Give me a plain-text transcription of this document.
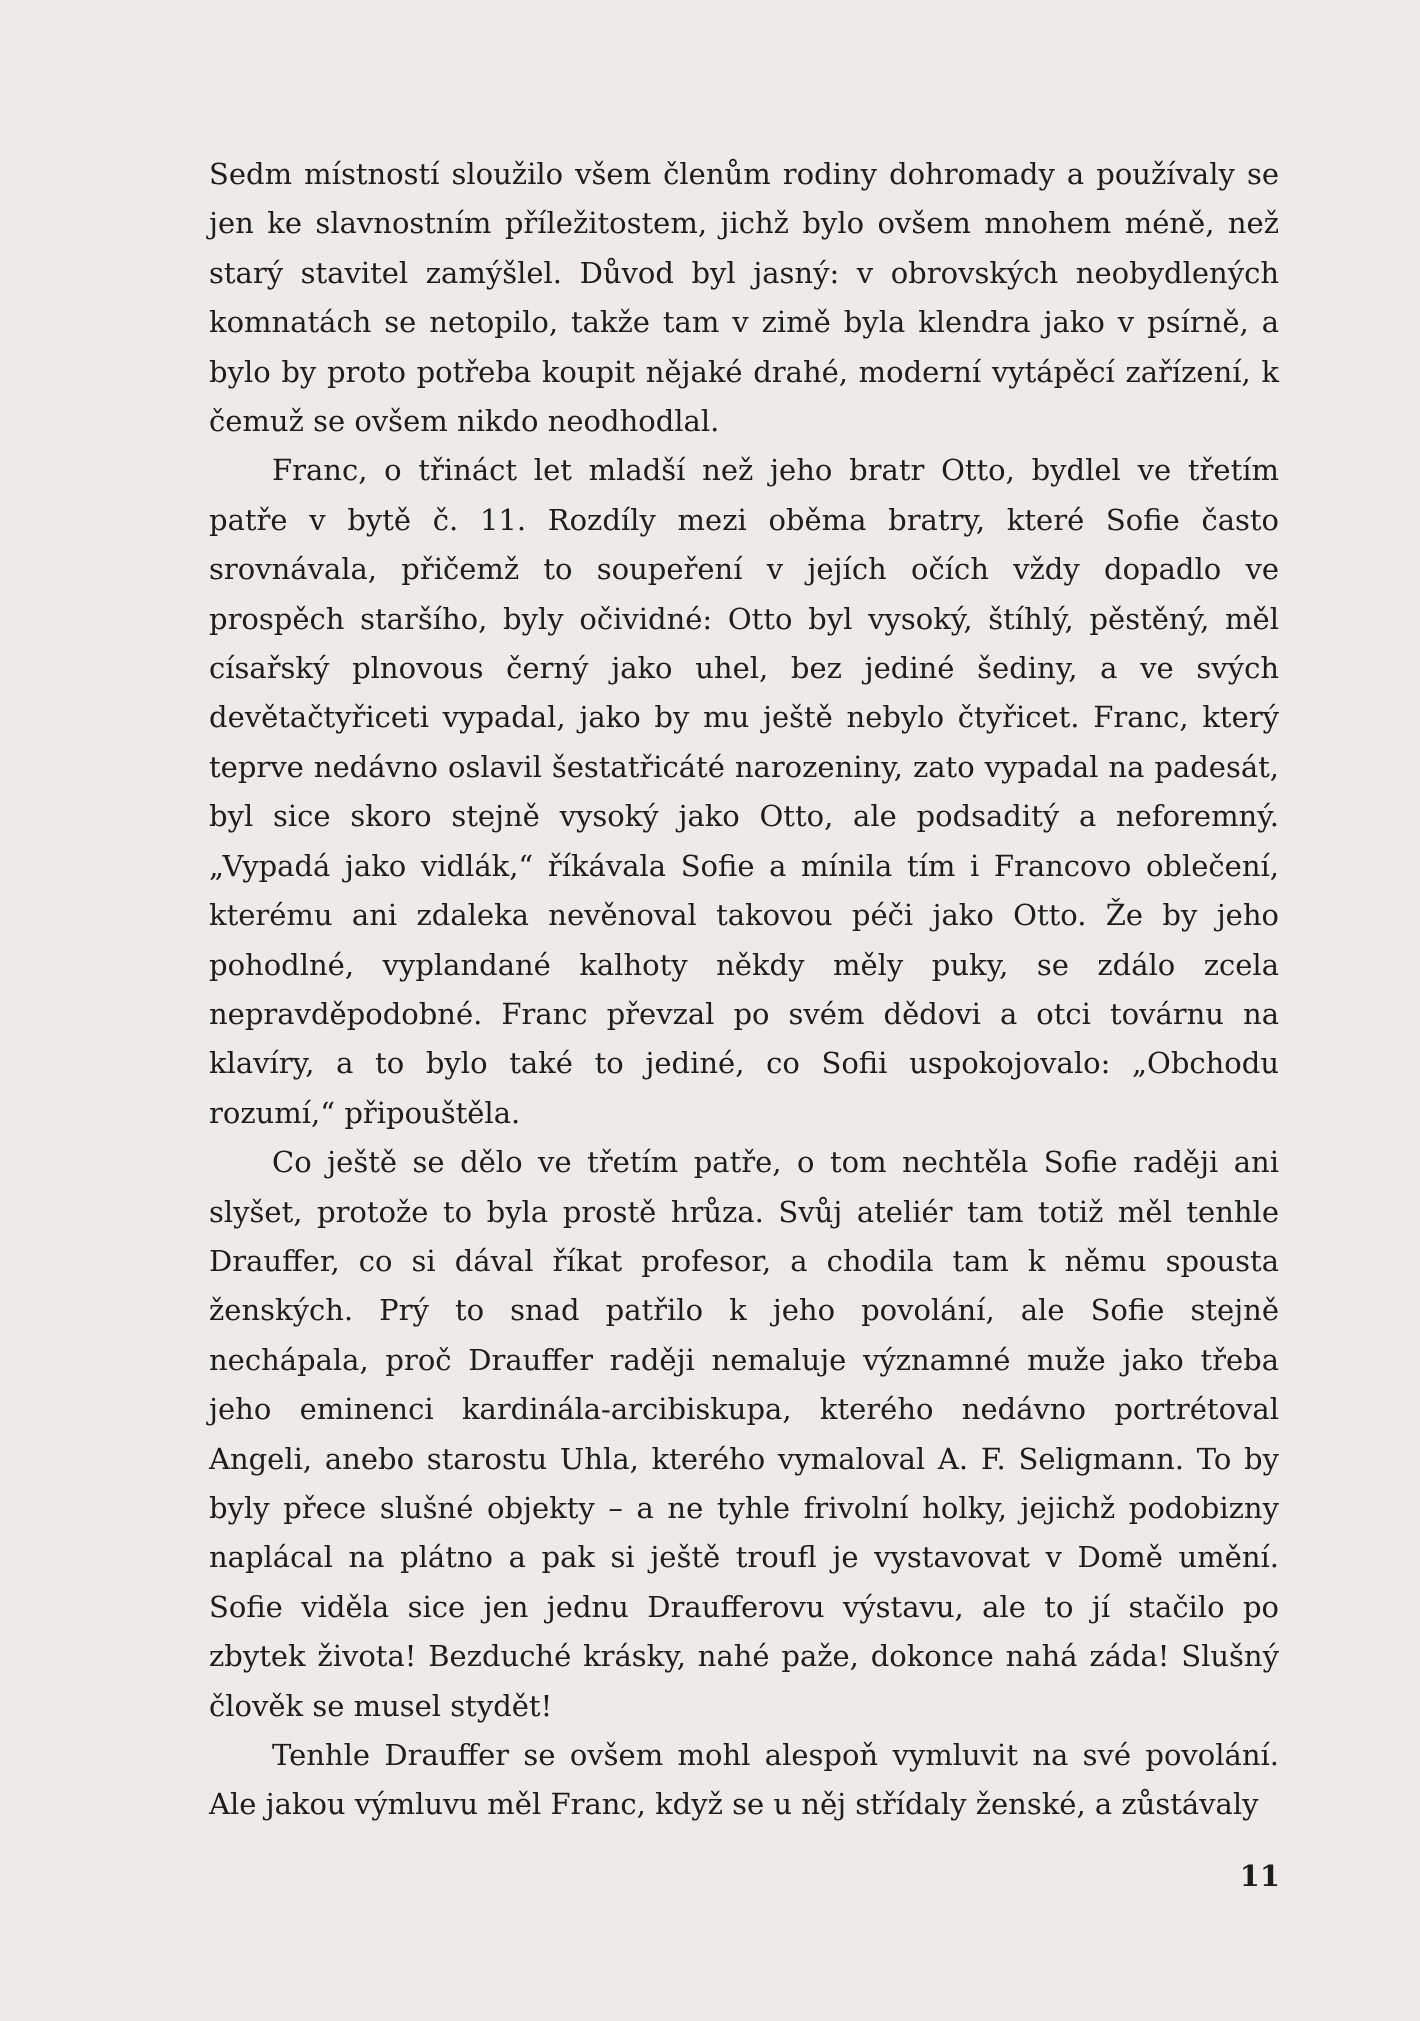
Sedm místností sloužilo všem členům rodiny dohromady a používaly se jen ke slavnostním příležitostem, jichž bylo ovšem mnohem méně, než starý stavitel zamýšlel. Důvod byl jasný: v obrovských neobydlených komnatách se netopilo, takže tam v zimě byla klendra jako v psírně, a bylo by proto potřeba koupit nějaké drahé, moderní vytápěcí zařízení, k čemuž se ovšem nikdo neodhodlal.

Franc, o třináct let mladší než jeho bratr Otto, bydlel ve třetím patře v bytě č. 11. Rozdíly mezi oběma bratry, které Sofie často srovnávala, přičemž to soupeření v jejích očích vždy dopadlo ve prospěch staršího, byly očividné: Otto byl vysoký, štíhlý, pěstěný, měl císařský plnovous černý jako uhel, bez jediné šediny, a ve svých devětačtyřiceti vypadal, jako by mu ještě nebylo čtyřicet. Franc, který teprve nedávno oslavil šestatřicáté narozeniny, zato vypadal na padesát, byl sice skoro stejně vysoký jako Otto, ale podsaditý a neforemný. „Vypadá jako vidlák,“ říkávala Sofie a mínila tím i Francovo oblečení, kterému ani zdaleka nevěnoval takovou péči jako Otto. Že by jeho pohodlné, vyplandané kalhoty někdy měly puky, se zdálo zcela nepravděpodobné. Franc převzal po svém dědovi a otci továrnu na klavíry, a to bylo také to jediné, co Sofii uspokojovalo: „Obchodu rozumí,“ připouštěla.

Co ještě se dělo ve třetím patře, o tom nechtěla Sofie raději ani slyšet, protože to byla prostě hrůza. Svůj ateliér tam totiž měl tenhle Drauffer, co si dával říkat profesor, a chodila tam k němu spousta ženských. Prý to snad patřilo k jeho povolání, ale Sofie stejně nechápala, proč Drauffer raději nemaluje významné muže jako třeba jeho eminenci kardinála-arcibiskupa, kterého nedávno portrétoval Angeli, anebo starostu Uhla, kterého vymaloval A. F. Seligmann. To by byly přece slušné objekty – a ne tyhle frivolní holky, jejichž podobizny naplácal na plátno a pak si ještě troufl je vystavovat v Domě umění. Sofie viděla sice jen jednu Draufferovu výstavu, ale to jí stačilo po zbytek života! Bezduché krásky, nahé paže, dokonce nahá záda! Slušný člověk se musel stydět!

Tenhle Drauffer se ovšem mohl alespoň vymluvit na své povolání. Ale jakou výmluvu měl Franc, když se u něj střídaly ženské, a zůstávaly

11
